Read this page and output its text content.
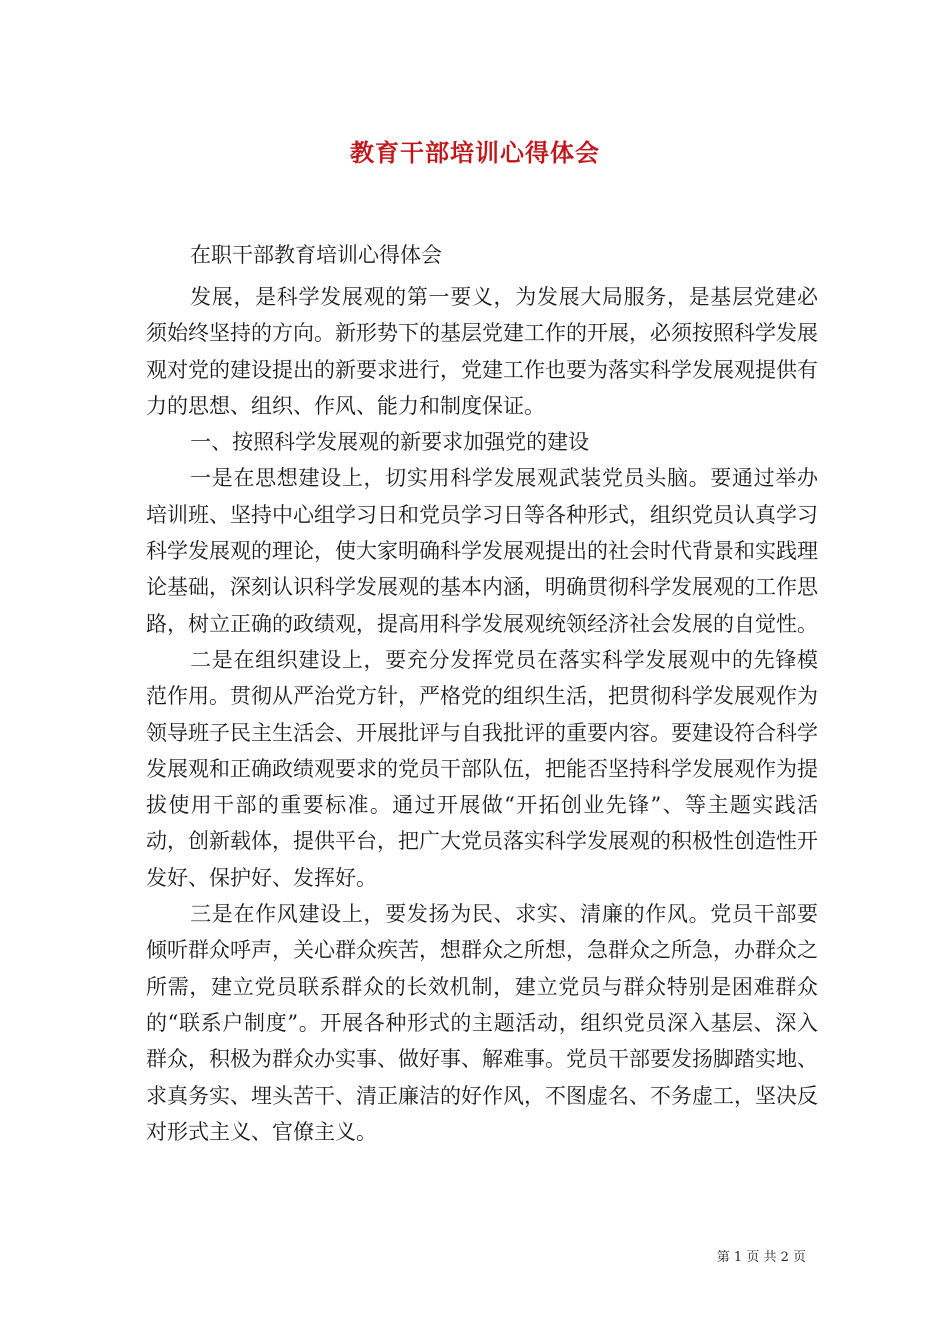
教育干部培训心得体会

在职干部教育培训心得体会

发展，是科学发展观的第一要义，为发展大局服务，是基层党建必须始终坚持的方向。新形势下的基层党建工作的开展，必须按照科学发展观对党的建设提出的新要求进行，党建工作也要为落实科学发展观提供有力的思想、组织、作风、能力和制度保证。

一、按照科学发展观的新要求加强党的建设

一是在思想建设上，切实用科学发展观武装党员头脑。要通过举办培训班、坚持中心组学习日和党员学习日等各种形式，组织党员认真学习科学发展观的理论，使大家明确科学发展观提出的社会时代背景和实践理论基础，深刻认识科学发展观的基本内涵，明确贯彻科学发展观的工作思路，树立正确的政绩观，提高用科学发展观统领经济社会发展的自觉性。

二是在组织建设上，要充分发挥党员在落实科学发展观中的先锋模范作用。贯彻从严治党方针，严格党的组织生活，把贯彻科学发展观作为领导班子民主生活会、开展批评与自我批评的重要内容。要建设符合科学发展观和正确政绩观要求的党员干部队伍，把能否坚持科学发展观作为提拔使用干部的重要标准。通过开展做“开拓创业先锋”、等主题实践活动，创新载体，提供平台，把广大党员落实科学发展观的积极性创造性开发好、保护好、发挥好。

三是在作风建设上，要发扬为民、求实、清廉的作风。党员干部要倾听群众呼声，关心群众疾苦，想群众之所想，急群众之所急，办群众之所需，建立党员联系群众的长效机制，建立党员与群众特别是困难群众的“联系户制度”。开展各种形式的主题活动，组织党员深入基层、深入群众，积极为群众办实事、做好事、解难事。党员干部要发扬脚踏实地、求真务实、埋头苦干、清正廉洁的好作风，不图虚名、不务虚工，坚决反对形式主义、官僚主义。

第 1 页 共 2 页
